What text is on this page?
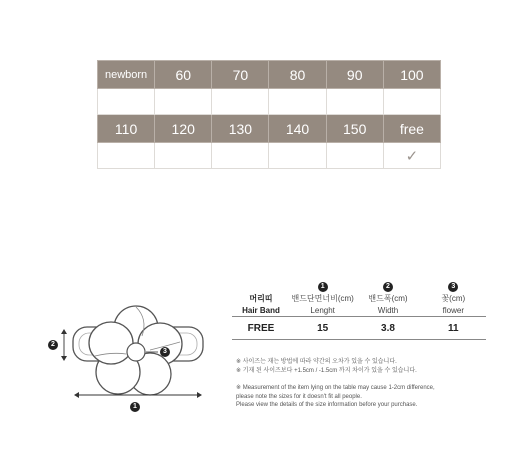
newborn	60	70	80	90	100

110	120	130	140	150	free
					✓
2
3
1
	1	2	3
머리띠	밴드단면너비(cm)	밴드폭(cm)	꽃(cm)
Hair Band	Lenght	Width	flower
FREE	15	3.8	11

※ 사이즈는 재는 방법에 따라 약간의 오차가 있을 수 있습니다.

※ 기재 된 사이즈보다 +1.5cm / -1.5cm 까지 차이가 있을 수 있습니다.

※ Measurement of the item lying on the table may cause 1-2cm difference,

please note the sizes for it doesn't fit all people.

Please view the details of the size information before your purchase.
